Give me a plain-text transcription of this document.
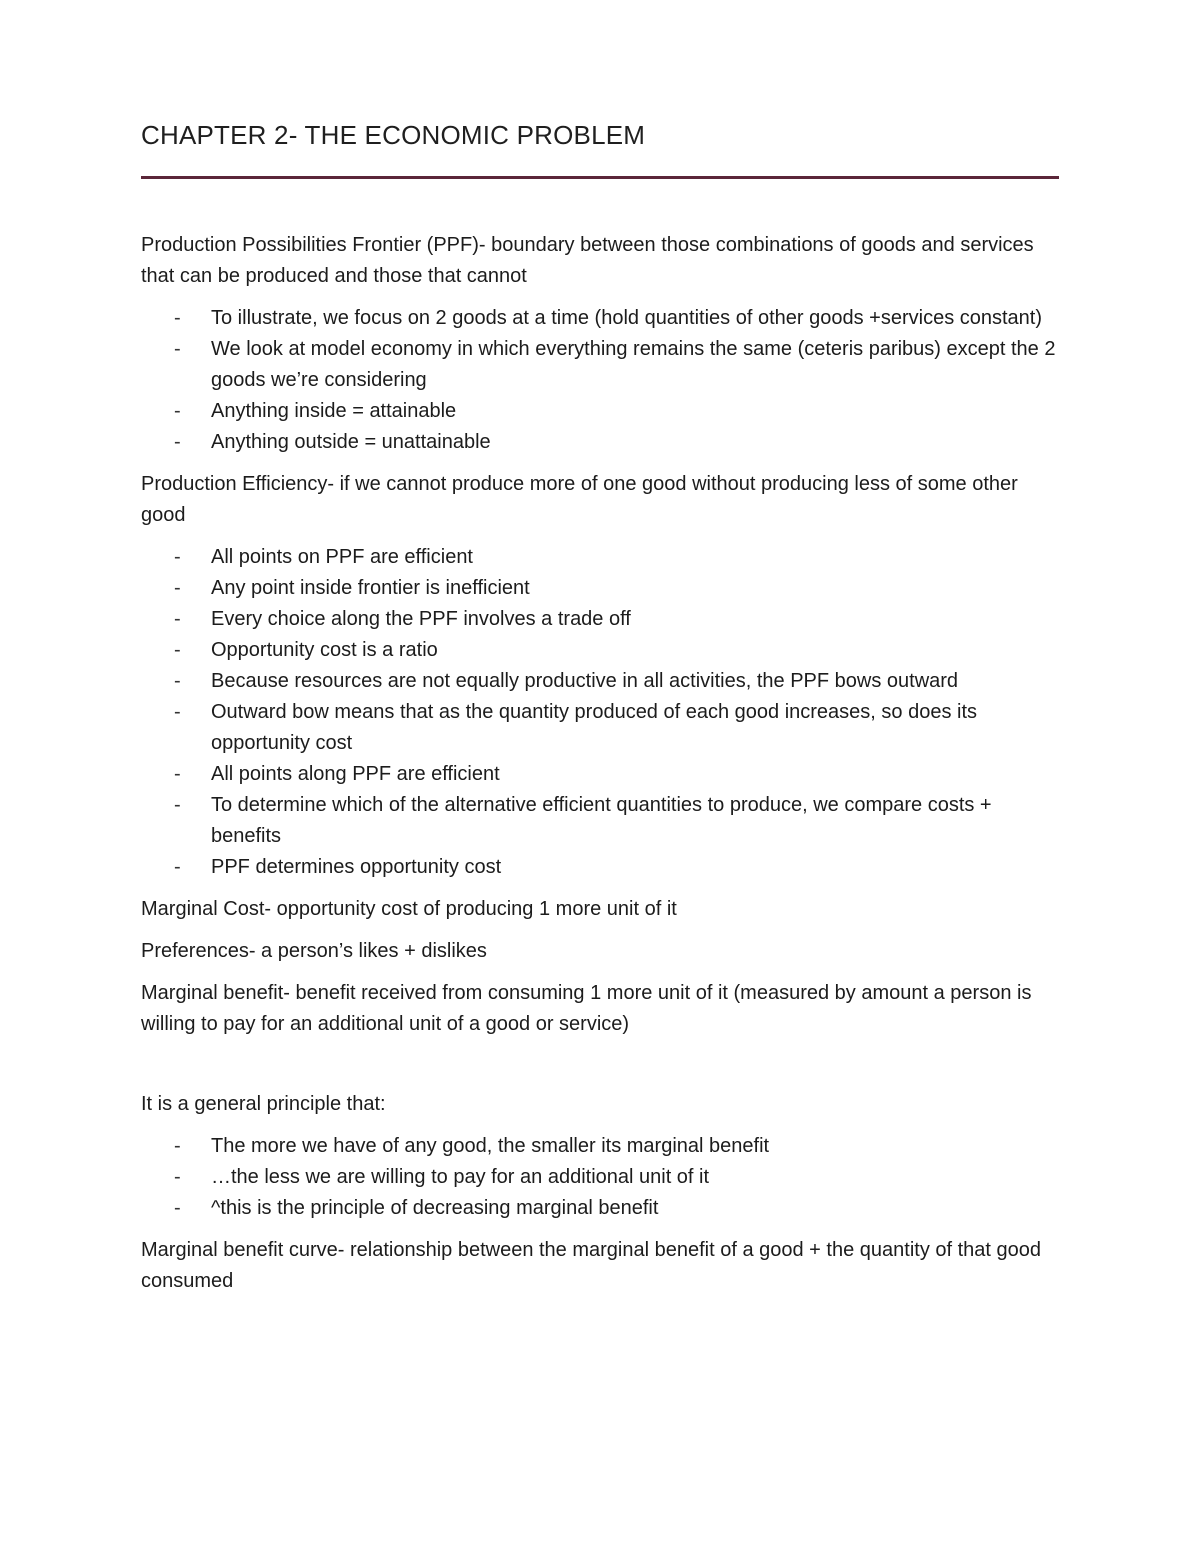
CHAPTER 2- THE ECONOMIC PROBLEM

Production Possibilities Frontier (PPF)- boundary between those combinations of goods and services that can be produced and those that cannot

- To illustrate, we focus on 2 goods at a time (hold quantities of other goods +services constant)
- We look at model economy in which everything remains the same (ceteris paribus) except the 2 goods we’re considering
- Anything inside = attainable
- Anything outside = unattainable

Production Efficiency- if we cannot produce more of one good without producing less of some other good

- All points on PPF are efficient
- Any point inside frontier is inefficient
- Every choice along the PPF involves a trade off
- Opportunity cost is a ratio
- Because resources are not equally productive in all activities, the PPF bows outward
- Outward bow means that as the quantity produced of each good increases, so does its opportunity cost
- All points along PPF are efficient
- To determine which of the alternative efficient quantities to produce, we compare costs + benefits
- PPF determines opportunity cost

Marginal Cost- opportunity cost of producing 1 more unit of it

Preferences- a person’s likes + dislikes

Marginal benefit- benefit received from consuming 1 more unit of it (measured by amount a person is willing to pay for an additional unit of a good or service)

It is a general principle that:

- The more we have of any good, the smaller its marginal benefit
- …the less we are willing to pay for an additional unit of it
- ^this is the principle of decreasing marginal benefit

Marginal benefit curve- relationship between the marginal benefit of a good + the quantity of that good consumed
